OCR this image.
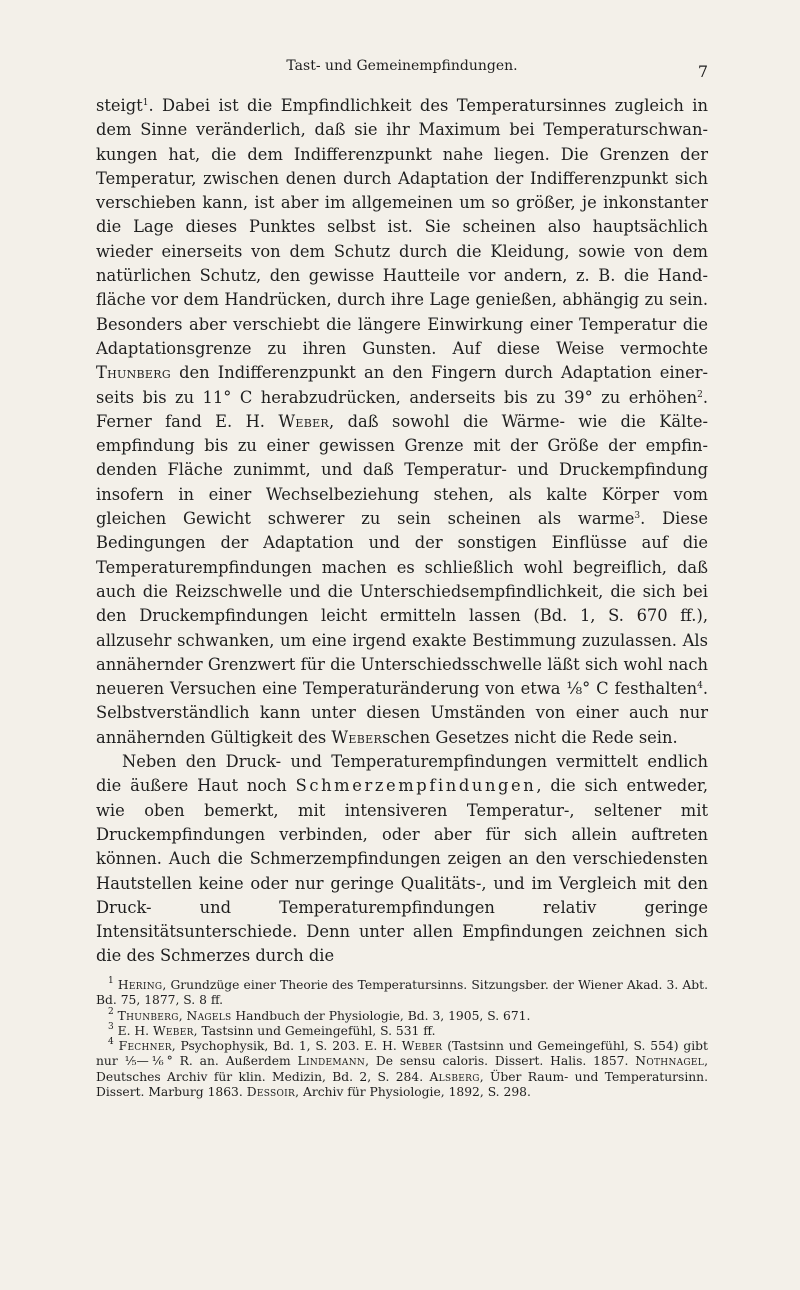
Tast- und Gemeinempfindungen.	7

steigt$^1$. Dabei ist die Empfindlichkeit des Temperatursinnes zugleich in dem Sinne veränderlich, daß sie ihr Maximum bei Temperaturschwankungen hat, die dem Indifferenzpunkt nahe liegen. Die Grenzen der Temperatur, zwischen denen durch Adaptation der Indifferenzpunkt sich verschieben kann, ist aber im allgemeinen um so größer, je inkonstanter die Lage dieses Punktes selbst ist. Sie scheinen also hauptsächlich wieder einerseits von dem Schutz durch die Kleidung, sowie von dem natürlichen Schutz, den gewisse Hautteile vor andern, z. B. die Handfläche vor dem Handrücken, durch ihre Lage genießen, abhängig zu sein. Besonders aber verschiebt die längere Einwirkung einer Temperatur die Adaptationsgrenze zu ihren Gunsten. Auf diese Weise vermochte Thunberg den Indifferenzpunkt an den Fingern durch Adaptation einerseits bis zu 11° C herabzudrücken, anderseits bis zu 39° zu erhöhen$^2$. Ferner fand E. H. Weber, daß sowohl die Wärme- wie die Kälteempfindung bis zu einer gewissen Grenze mit der Größe der empfindenden Fläche zunimmt, und daß Temperatur- und Druckempfindung insofern in einer Wechselbeziehung stehen, als kalte Körper vom gleichen Gewicht schwerer zu sein scheinen als warme$^3$. Diese Bedingungen der Adaptation und der sonstigen Einflüsse auf die Temperaturempfindungen machen es schließlich wohl begreiflich, daß auch die Reizschwelle und die Unterschiedsempfindlichkeit, die sich bei den Druckempfindungen leicht ermitteln lassen (Bd. 1, S. 670 ff.), allzusehr schwanken, um eine irgend exakte Bestimmung zuzulassen. Als annähernder Grenzwert für die Unterschiedsschwelle läßt sich wohl nach neueren Versuchen eine Temperaturänderung von etwa ⅛° C festhalten$^4$. Selbstverständlich kann unter diesen Umständen von einer auch nur annähernden Gültigkeit des Weberschen Gesetzes nicht die Rede sein.

Neben den Druck- und Temperaturempfindungen vermittelt endlich die äußere Haut noch Schmerzempfindungen, die sich entweder, wie oben bemerkt, mit intensiveren Temperatur-, seltener mit Druckempfindungen verbinden, oder aber für sich allein auftreten können. Auch die Schmerzempfindungen zeigen an den verschiedensten Hautstellen keine oder nur geringe Qualitäts-, und im Vergleich mit den Druck- und Temperaturempfindungen relativ geringe Intensitätsunterschiede. Denn unter allen Empfindungen zeichnen sich die des Schmerzes durch die

$^1$ Hering, Grundzüge einer Theorie des Temperatursinns. Sitzungsber. der Wiener Akad. 3. Abt. Bd. 75, 1877, S. 8 ff.

$^2$ Thunberg, Nagels Handbuch der Physiologie, Bd. 3, 1905, S. 671.

$^3$ E. H. Weber, Tastsinn und Gemeingefühl, S. 531 ff.

$^4$ Fechner, Psychophysik, Bd. 1, S. 203. E. H. Weber (Tastsinn und Gemeingefühl, S. 554) gibt nur ⅕—⅙° R. an. Außerdem Lindemann, De sensu caloris. Dissert. Halis. 1857. Nothnagel, Deutsches Archiv für klin. Medizin, Bd. 2, S. 284. Alsberg, Über Raum- und Temperatursinn. Dissert. Marburg 1863. Dessoir, Archiv für Physiologie, 1892, S. 298.
